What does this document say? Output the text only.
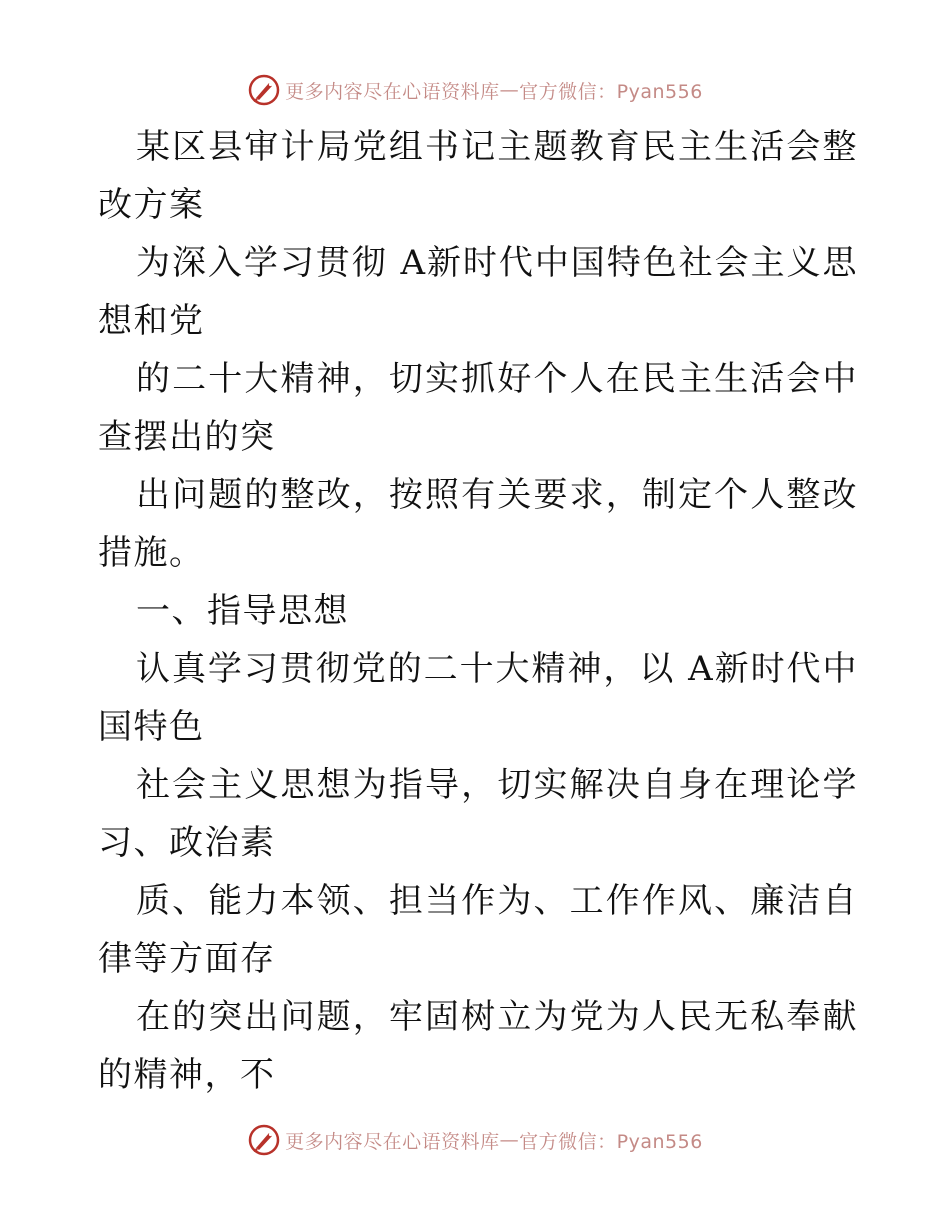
更多内容尽在心语资料库 — 官方微信：Pyan556

某区县审计局党组书记主题教育民主生活会整改方案

为深入学习贯彻 A新时代中国特色社会主义思想和党

的二十大精神，切实抓好个人在民主生活会中查摆出的突

出问题的整改，按照有关要求，制定个人整改措施。

一、指导思想

认真学习贯彻党的二十大精神，以 A新时代中国特色

社会主义思想为指导，切实解决自身在理论学习、政治素

质、能力本领、担当作为、工作作风、廉洁自律等方面存

在的突出问题，牢固树立为党为人民无私奉献的精神，不

更多内容尽在心语资料库 — 官方微信：Pyan556
